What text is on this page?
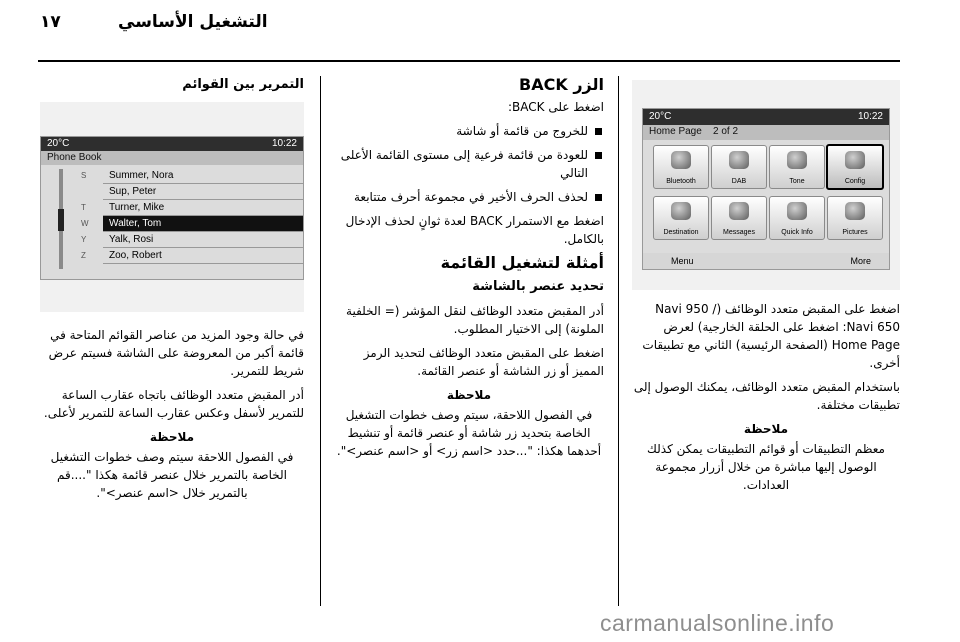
التشغيل الأساسي
١٧
20°C	10:22
Home Page 2 of 2
Bluetooth	DAB	Tone	Config
Destination	Messages	Quick Info	Pictures
Menu	More

اضغط على المقبض متعدد الوظائف (Navi 950 / Navi 650: اضغط على الحلقة الخارجية) لعرض Home Page (الصفحة الرئيسية) الثاني مع تطبيقات أخرى.

باستخدام المقبض متعدد الوظائف، يمكنك الوصول إلى تطبيقات مختلفة.

ملاحظة

معظم التطبيقات أو قوائم التطبيقات يمكن كذلك الوصول إليها مباشرة من خلال أزرار مجموعة العدادات.

الزر BACK

اضغط على BACK:

للخروج من قائمة أو شاشة
للعودة من قائمة فرعية إلى مستوى القائمة الأعلى التالي
لحذف الحرف الأخير في مجموعة أحرف متتابعة

اضغط مع الاستمرار BACK لعدة ثوانٍ لحذف الإدخال بالكامل.

أمثلة لتشغيل القائمة
تحديد عنصر بالشاشة

أدر المقبض متعدد الوظائف لنقل المؤشر (= الخلفية الملونة) إلى الاختيار المطلوب.

اضغط على المقبض متعدد الوظائف لتحديد الرمز المميز أو زر الشاشة أو عنصر القائمة.

ملاحظة

في الفصول اللاحقة، سيتم وصف خطوات التشغيل الخاصة بتحديد زر شاشة أو عنصر قائمة أو تنشيط أحدهما هكذا: "...حدد <اسم زر> أو <اسم عنصر>".

التمرير بين القوائم
20°C	10:22
Phone Book
S
T
W
Y
Z
Summer, Nora
Sup, Peter
Turner, Mike
Walter, Tom
Yalk, Rosi
Zoo, Robert

في حالة وجود المزيد من عناصر القوائم المتاحة في قائمة أكبر من المعروضة على الشاشة فسيتم عرض شريط للتمرير.

أدر المقبض متعدد الوظائف باتجاه عقارب الساعة للتمرير لأسفل وعكس عقارب الساعة للتمرير لأعلى.

ملاحظة

في الفصول اللاحقة سيتم وصف خطوات التشغيل الخاصة بالتمرير خلال عنصر قائمة هكذا "....قم بالتمرير خلال <اسم عنصر>".

carmanualsonline.info
